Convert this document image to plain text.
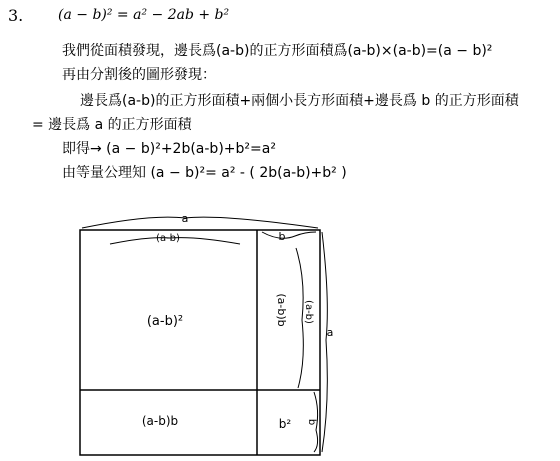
3. (a − b)² = a² − 2ab + b²
我們從面積發現，邊長爲(a-b)的正方形面積爲(a-b)×(a-b)=(a − b)²
再由分割後的圖形發現：
邊長爲(a-b)的正方形面積+兩個小長方形面積+邊長爲 b 的正方形面積
= 邊長爲 a 的正方形面積
即得→ (a − b)²+2b(a-b)+b²=a²
由等量公理知 (a − b)²= a² - ( 2b(a-b)+b² )
a
(a-b)	b
(a-b)²	(a-b)b (a-b)
a
(a-b)b	b² b
